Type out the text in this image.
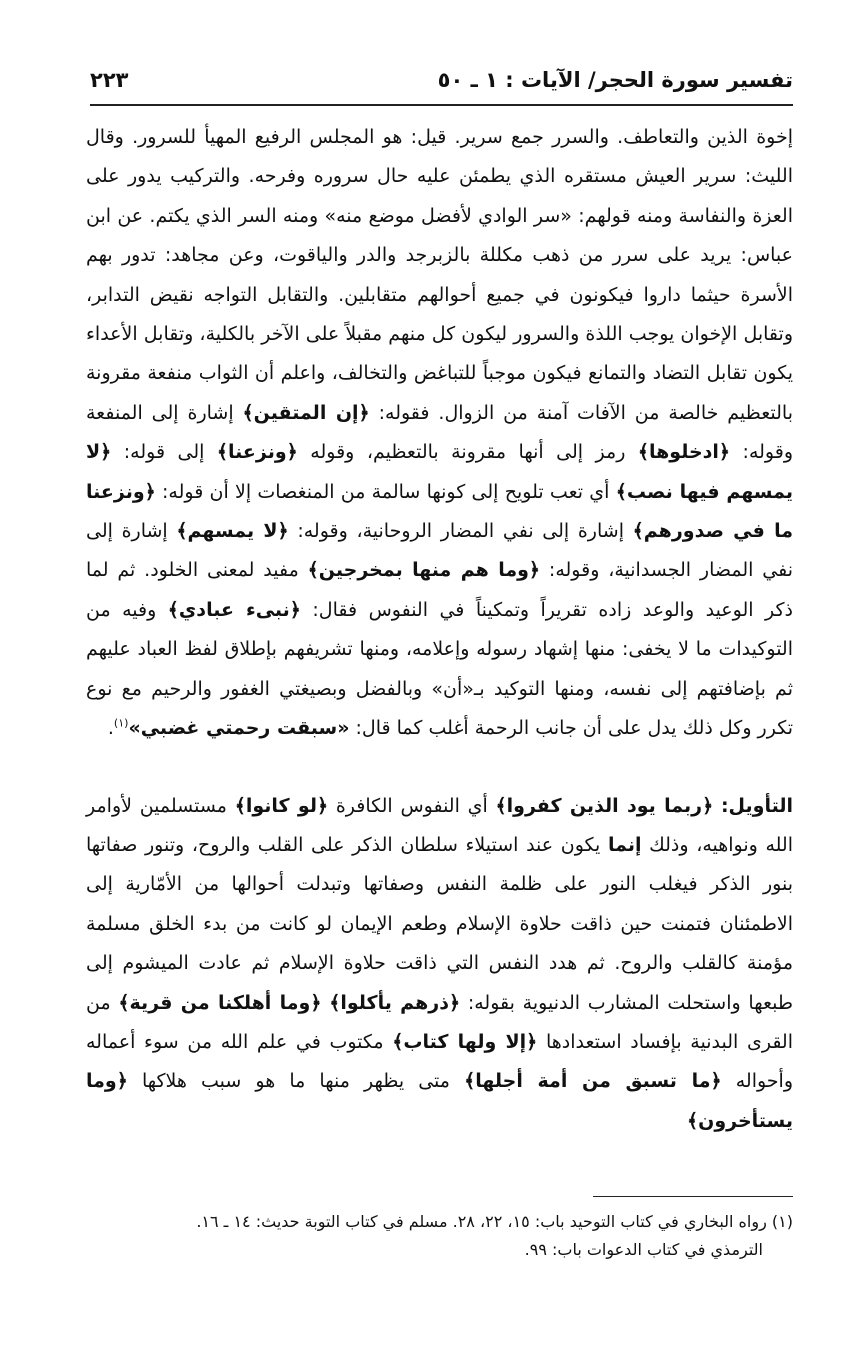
تفسير سورة الحجر/ الآيات : ١ ـ ٥٠
٢٢٣

إخوة الذين والتعاطف. والسرر جمع سرير. قيل: هو المجلس الرفيع المهيأ للسرور. وقال الليث: سرير العيش مستقره الذي يطمئن عليه حال سروره وفرحه. والتركيب يدور على العزة والنفاسة ومنه قولهم: «سر الوادي لأفضل موضع منه» ومنه السر الذي يكتم. عن ابن عباس: يريد على سرر من ذهب مكللة بالزبرجد والدر والياقوت، وعن مجاهد: تدور بهم الأسرة حيثما داروا فيكونون في جميع أحوالهم متقابلين. والتقابل التواجه نقيض التدابر، وتقابل الإخوان يوجب اللذة والسرور ليكون كل منهم مقبلاً على الآخر بالكلية، وتقابل الأعداء يكون تقابل التضاد والتمانع فيكون موجباً للتباغض والتخالف، واعلم أن الثواب منفعة مقرونة بالتعظيم خالصة من الآفات آمنة من الزوال. فقوله: ﴿إن المتقين﴾ إشارة إلى المنفعة وقوله: ﴿ادخلوها﴾ رمز إلى أنها مقرونة بالتعظيم، وقوله ﴿ونزعنا﴾ إلى قوله: ﴿لا يمسهم فيها نصب﴾ أي تعب تلويح إلى كونها سالمة من المنغصات إلا أن قوله: ﴿ونزعنا ما في صدورهم﴾ إشارة إلى نفي المضار الروحانية، وقوله: ﴿لا يمسهم﴾ إشارة إلى نفي المضار الجسدانية، وقوله: ﴿وما هم منها بمخرجين﴾ مفيد لمعنى الخلود. ثم لما ذكر الوعيد والوعد زاده تقريراً وتمكيناً في النفوس فقال: ﴿نبىء عبادي﴾ وفيه من التوكيدات ما لا يخفى: منها إشهاد رسوله وإعلامه، ومنها تشريفهم بإطلاق لفظ العباد عليهم ثم بإضافتهم إلى نفسه، ومنها التوكيد بـ«أن» وبالفضل وبصيغتي الغفور والرحيم مع نوع تكرر وكل ذلك يدل على أن جانب الرحمة أغلب كما قال: «سبقت رحمتي غضبي»$^{(١)}$.

التأويل: ﴿ربما يود الذين كفروا﴾ أي النفوس الكافرة ﴿لو كانوا﴾ مستسلمين لأوامر الله ونواهيه، وذلك إنما يكون عند استيلاء سلطان الذكر على القلب والروح، وتنور صفاتها بنور الذكر فيغلب النور على ظلمة النفس وصفاتها وتبدلت أحوالها من الأمّارية إلى الاطمئنان فتمنت حين ذاقت حلاوة الإسلام وطعم الإيمان لو كانت من بدء الخلق مسلمة مؤمنة كالقلب والروح. ثم هدد النفس التي ذاقت حلاوة الإسلام ثم عادت الميشوم إلى طبعها واستحلت المشارب الدنيوية بقوله: ﴿ذرهم يأكلوا﴾ ﴿وما أهلكنا من قرية﴾ من القرى البدنية بإفساد استعدادها ﴿إلا ولها كتاب﴾ مكتوب في علم الله من سوء أعماله وأحواله ﴿ما تسبق من أمة أجلها﴾ متى يظهر منها ما هو سبب هلاكها ﴿وما يستأخرون﴾

(١) رواه البخاري في كتاب التوحيد باب: ١٥، ٢٢، ٢٨. مسلم في كتاب التوبة حديث: ١٤ ـ ١٦.

الترمذي في كتاب الدعوات باب: ٩٩.
